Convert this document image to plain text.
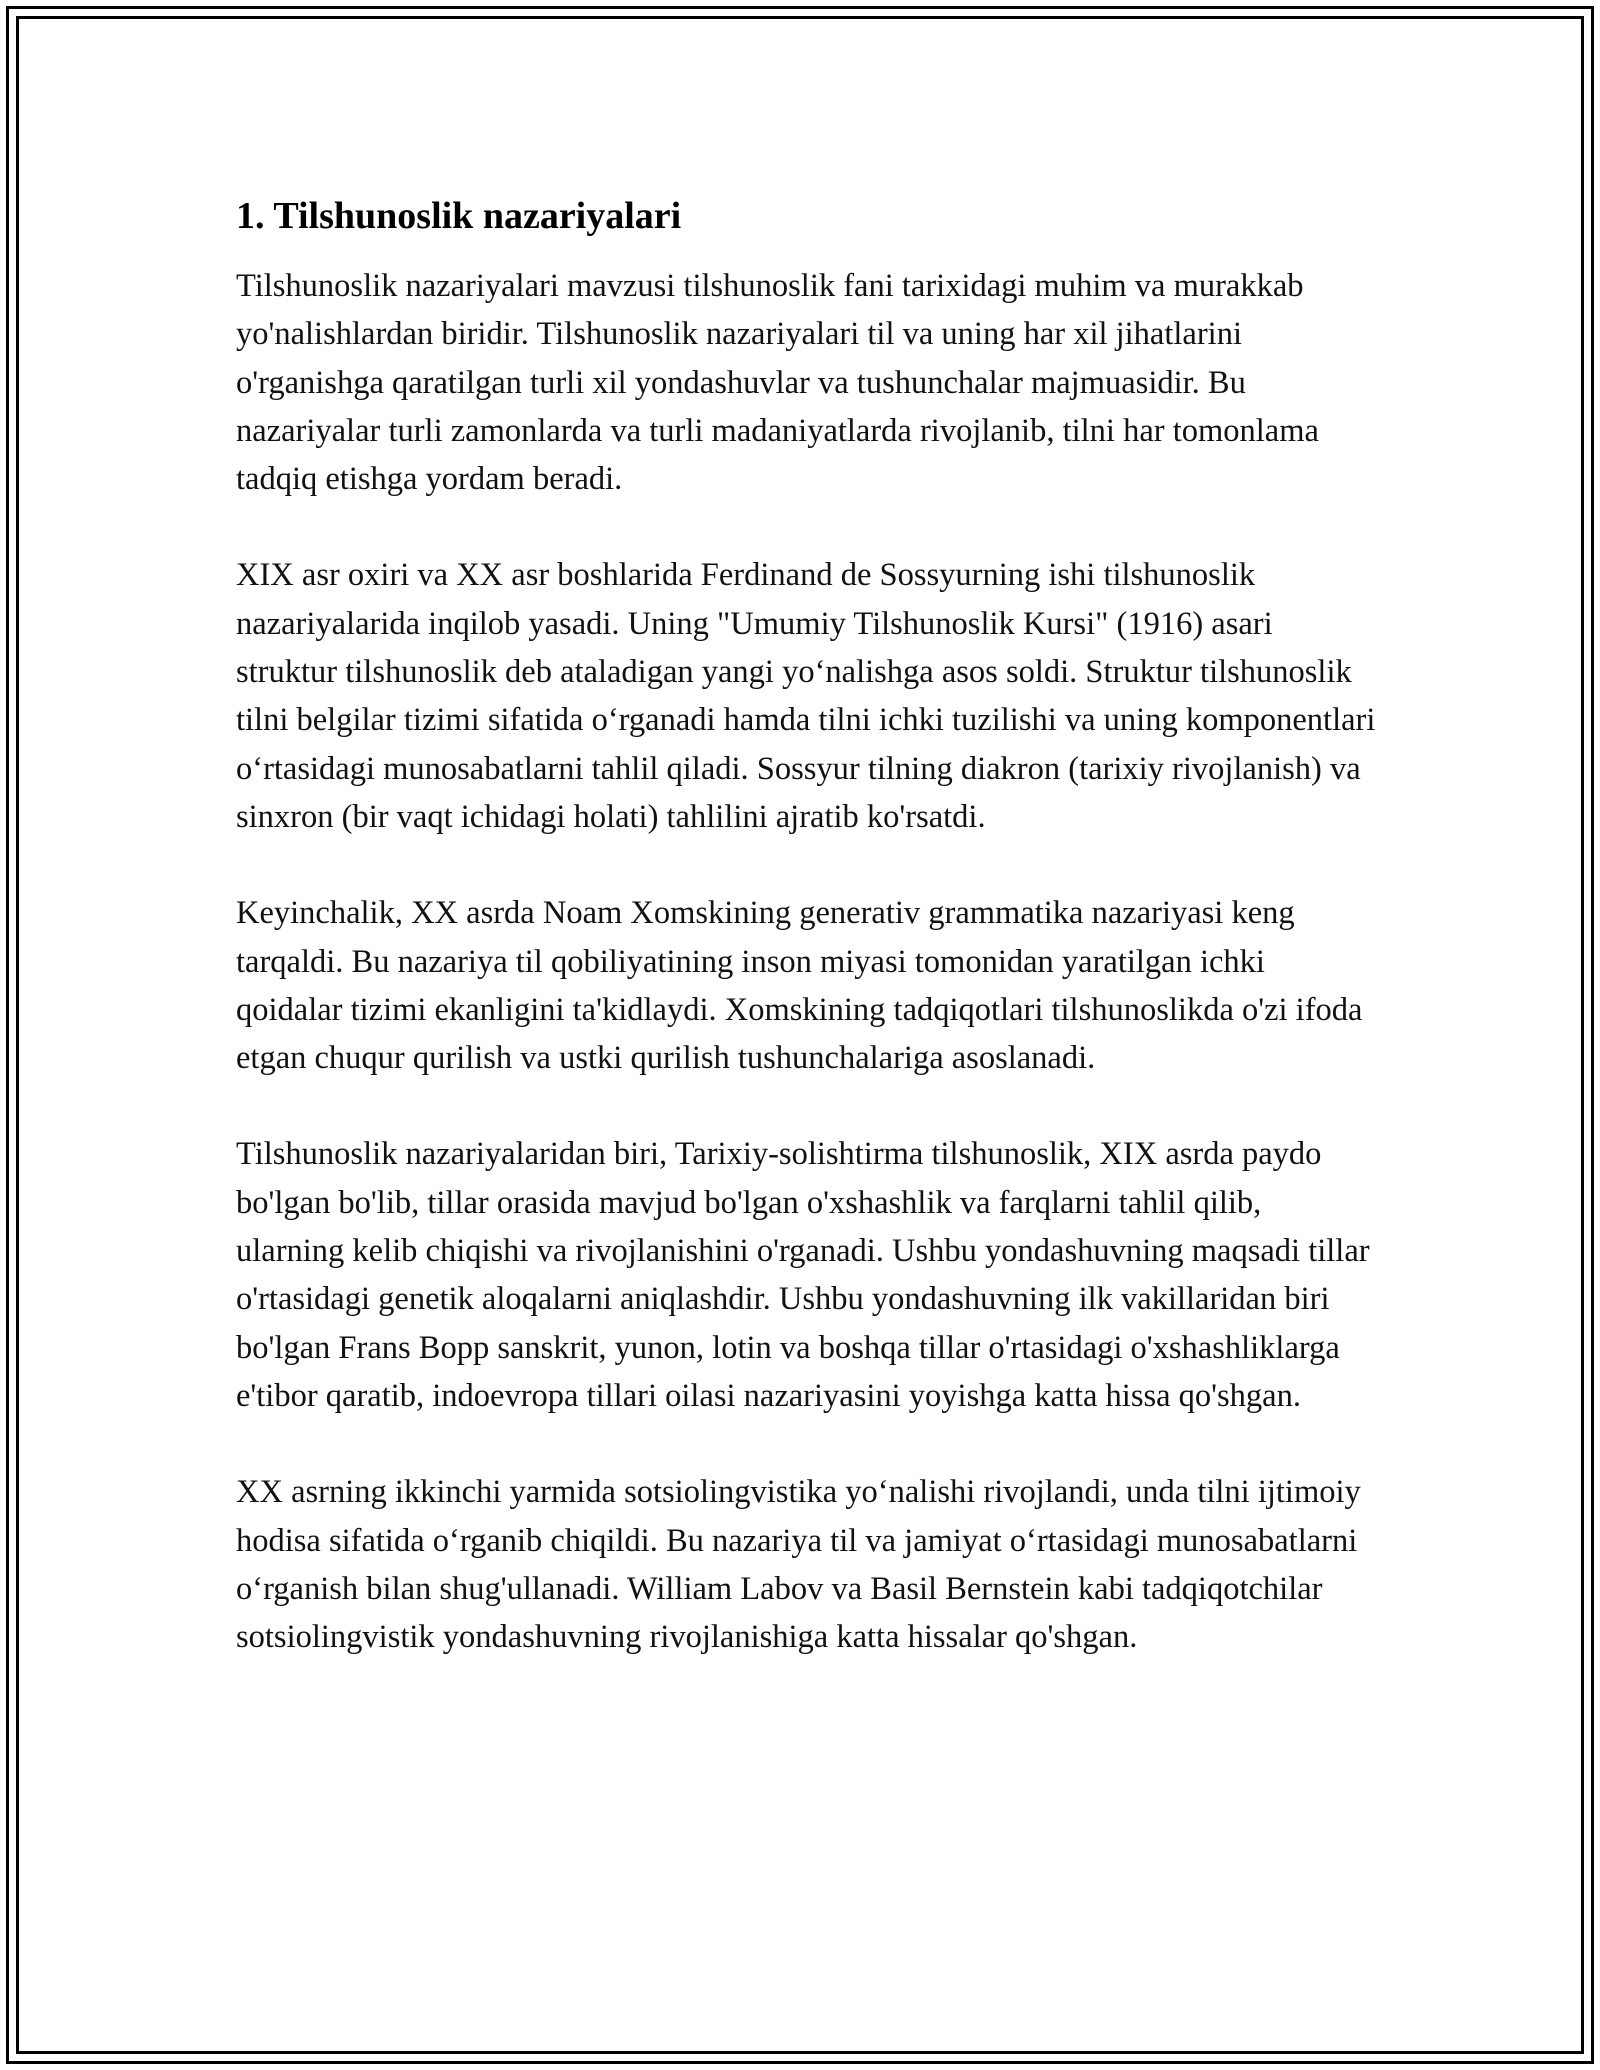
1. Tilshunoslik nazariyalari

Tilshunoslik nazariyalari mavzusi tilshunoslik fani tarixidagi muhim va murakkab yo'nalishlardan biridir. Tilshunoslik nazariyalari til va uning har xil jihatlarini o'rganishga qaratilgan turli xil yondashuvlar va tushunchalar majmuasidir. Bu nazariyalar turli zamonlarda va turli madaniyatlarda rivojlanib, tilni har tomonlama tadqiq etishga yordam beradi.

XIX asr oxiri va XX asr boshlarida Ferdinand de Sossyurning ishi tilshunoslik nazariyalarida inqilob yasadi. Uning "Umumiy Tilshunoslik Kursi" (1916) asari struktur tilshunoslik deb ataladigan yangi yo‘nalishga asos soldi. Struktur tilshunoslik tilni belgilar tizimi sifatida o‘rganadi hamda tilni ichki tuzilishi va uning komponentlari o‘rtasidagi munosabatlarni tahlil qiladi. Sossyur tilning diakron (tarixiy rivojlanish) va sinxron (bir vaqt ichidagi holati) tahlilini ajratib ko'rsatdi.

Keyinchalik, XX asrda Noam Xomskining generativ grammatika nazariyasi keng tarqaldi. Bu nazariya til qobiliyatining inson miyasi tomonidan yaratilgan ichki qoidalar tizimi ekanligini ta'kidlaydi. Xomskining tadqiqotlari tilshunoslikda o'zi ifoda etgan chuqur qurilish va ustki qurilish tushunchalariga asoslanadi.

Tilshunoslik nazariyalaridan biri, Tarixiy-solishtirma tilshunoslik, XIX asrda paydo bo'lgan bo'lib, tillar orasida mavjud bo'lgan o'xshashlik va farqlarni tahlil qilib, ularning kelib chiqishi va rivojlanishini o'rganadi. Ushbu yondashuvning maqsadi tillar o'rtasidagi genetik aloqalarni aniqlashdir. Ushbu yondashuvning ilk vakillaridan biri bo'lgan Frans Bopp sanskrit, yunon, lotin va boshqa tillar o'rtasidagi o'xshashliklarga e'tibor qaratib, indoevropa tillari oilasi nazariyasini yoyishga katta hissa qo'shgan.

XX asrning ikkinchi yarmida sotsiolingvistika yo‘nalishi rivojlandi, unda tilni ijtimoiy hodisa sifatida o‘rganib chiqildi. Bu nazariya til va jamiyat o‘rtasidagi munosabatlarni o‘rganish bilan shug'ullanadi. William Labov va Basil Bernstein kabi tadqiqotchilar sotsiolingvistik yondashuvning rivojlanishiga katta hissalar qo'shgan.
